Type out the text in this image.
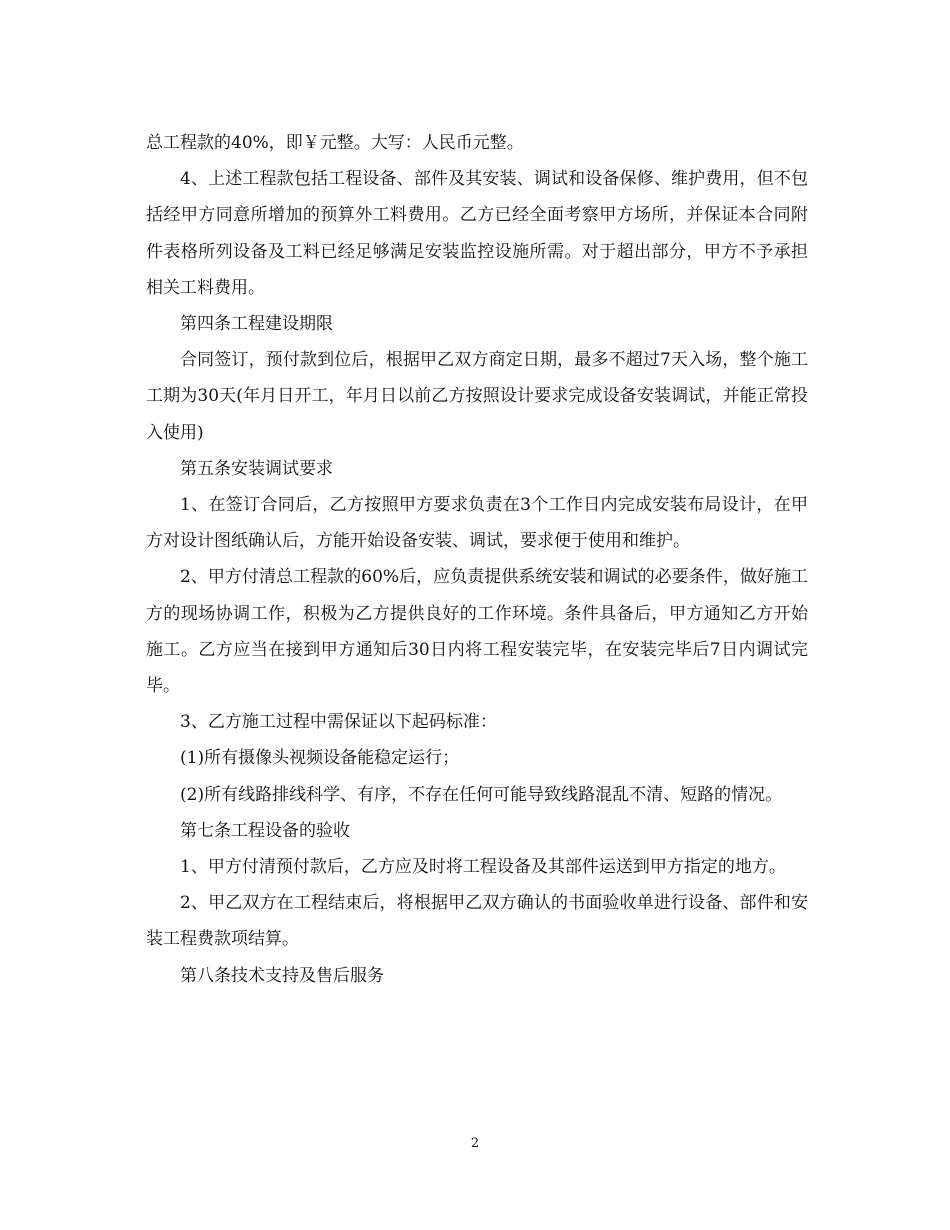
总工程款的40%，即￥元整。大写：人民币元整。

4、上述工程款包括工程设备、部件及其安装、调试和设备保修、维护费用，但不包括经甲方同意所增加的预算外工料费用。乙方已经全面考察甲方场所，并保证本合同附件表格所列设备及工料已经足够满足安装监控设施所需。对于超出部分，甲方不予承担相关工料费用。

第四条工程建设期限

合同签订，预付款到位后，根据甲乙双方商定日期，最多不超过7天入场，整个施工工期为30天(年月日开工，年月日以前乙方按照设计要求完成设备安装调试，并能正常投入使用)

第五条安装调试要求

1、在签订合同后，乙方按照甲方要求负责在3个工作日内完成安装布局设计，在甲方对设计图纸确认后，方能开始设备安装、调试，要求便于使用和维护。

2、甲方付清总工程款的60%后，应负责提供系统安装和调试的必要条件，做好施工方的现场协调工作，积极为乙方提供良好的工作环境。条件具备后，甲方通知乙方开始施工。乙方应当在接到甲方通知后30日内将工程安装完毕，在安装完毕后7日内调试完毕。

3、乙方施工过程中需保证以下起码标准：

(1)所有摄像头视频设备能稳定运行；

(2)所有线路排线科学、有序，不存在任何可能导致线路混乱不清、短路的情况。

第七条工程设备的验收

1、甲方付清预付款后，乙方应及时将工程设备及其部件运送到甲方指定的地方。

2、甲乙双方在工程结束后，将根据甲乙双方确认的书面验收单进行设备、部件和安装工程费款项结算。

第八条技术支持及售后服务

2
